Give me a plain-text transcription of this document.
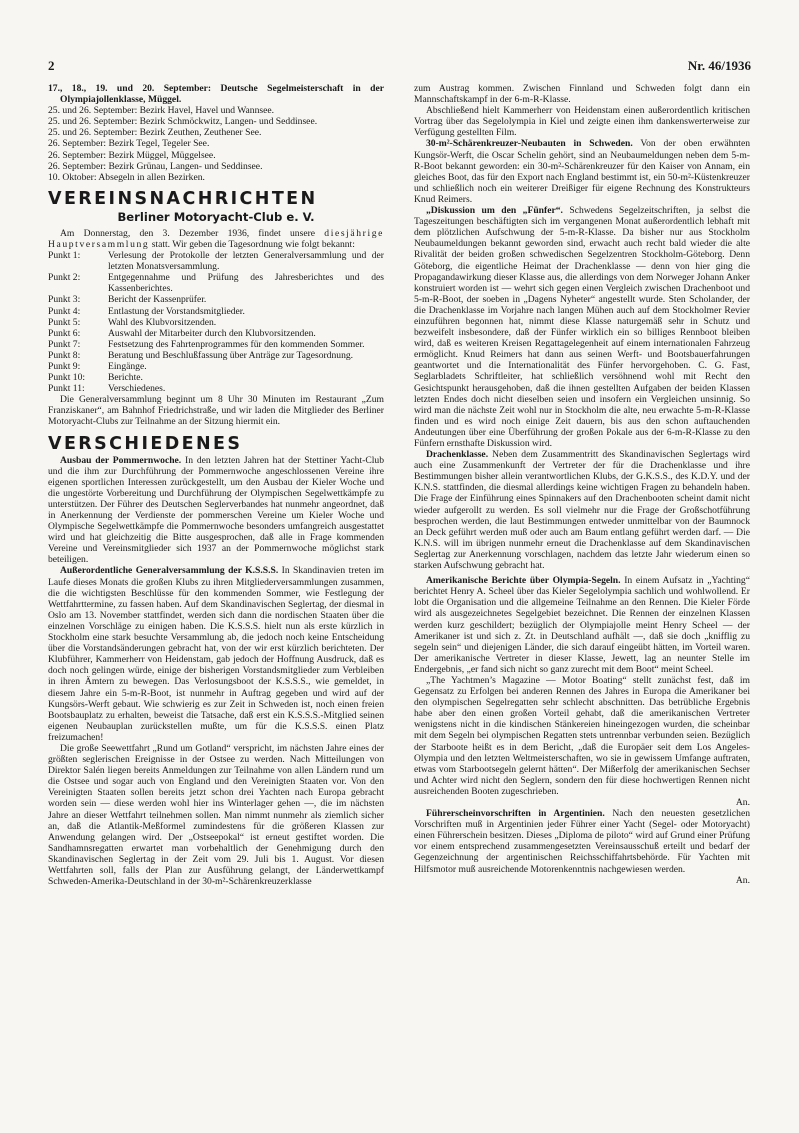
2	Nr. 46/1936
17., 18., 19. und 20. September: Deutsche Segelmeisterschaft in der Olympiajollenklasse, Müggel.
25. und 26. September: Bezirk Havel, Havel und Wannsee.
25. und 26. September: Bezirk Schmöckwitz, Langen- und Seddinsee.
25. und 26. September: Bezirk Zeuthen, Zeuthener See.
26. September: Bezirk Tegel, Tegeler See.
26. September: Bezirk Müggel, Müggelsee.
26. September: Bezirk Grünau, Langen- und Seddinsee.
10. Oktober: Absegeln in allen Bezirken.
VEREINSNACHRICHTEN
Berliner Motoryacht-Club e. V.

Am Donnerstag, den 3. Dezember 1936, findet unsere diesjährige Hauptversammlung statt. Wir geben die Tagesordnung wie folgt bekannt:

Punkt 1:	Verlesung der Protokolle der letzten Generalversammlung und der letzten Monatsversammlung.
Punkt 2:	Entgegennahme und Prüfung des Jahresberichtes und des Kassenberichtes.
Punkt 3:	Bericht der Kassenprüfer.
Punkt 4:	Entlastung der Vorstandsmitglieder.
Punkt 5:	Wahl des Klubvorsitzenden.
Punkt 6:	Auswahl der Mitarbeiter durch den Klubvorsitzenden.
Punkt 7:	Festsetzung des Fahrtenprogrammes für den kommenden Sommer.
Punkt 8:	Beratung und Beschlußfassung über Anträge zur Tagesordnung.
Punkt 9:	Eingänge.
Punkt 10:	Berichte.
Punkt 11:	Verschiedenes.

Die Generalversammlung beginnt um 8 Uhr 30 Minuten im Restaurant „Zum Franziskaner“, am Bahnhof Friedrichstraße, und wir laden die Mitglieder des Berliner Motoryacht-Clubs zur Teilnahme an der Sitzung hiermit ein.

VERSCHIEDENES

Ausbau der Pommernwoche. In den letzten Jahren hat der Stettiner Yacht-Club und die ihm zur Durchführung der Pommernwoche angeschlossenen Vereine ihre eigenen sportlichen Interessen zurückgestellt, um den Ausbau der Kieler Woche und die ungestörte Vorbereitung und Durchführung der Olympischen Segelwettkämpfe zu unterstützen. Der Führer des Deutschen Seglerverbandes hat nunmehr angeordnet, daß in Anerkennung der Verdienste der pommerschen Vereine um Kieler Woche und Olympische Segelwettkämpfe die Pommernwoche besonders umfangreich ausgestattet wird und hat gleichzeitig die Bitte ausgesprochen, daß alle in Frage kommenden Vereine und Vereinsmitglieder sich 1937 an der Pommernwoche möglichst stark beteiligen.

Außerordentliche Generalversammlung der K.S.S.S. In Skandinavien treten im Laufe dieses Monats die großen Klubs zu ihren Mitgliederversammlungen zusammen, die die wichtigsten Beschlüsse für den kommenden Sommer, wie Festlegung der Wettfahrttermine, zu fassen haben. Auf dem Skandinavischen Seglertag, der diesmal in Oslo am 13. November stattfindet, werden sich dann die nordischen Staaten über die einzelnen Vorschläge zu einigen haben. Die K.S.S.S. hielt nun als erste kürzlich in Stockholm eine stark besuchte Versammlung ab, die jedoch noch keine Entscheidung über die Vorstandsänderungen gebracht hat, von der wir erst kürzlich berichteten. Der Klubführer, Kammerherr von Heidenstam, gab jedoch der Hoffnung Ausdruck, daß es doch noch gelingen würde, einige der bisherigen Vorstandsmitglieder zum Verbleiben in ihren Ämtern zu bewegen. Das Verlosungsboot der K.S.S.S., wie gemeldet, in diesem Jahre ein 5-m-R-Boot, ist nunmehr in Auftrag gegeben und wird auf der Kungsörs-Werft gebaut. Wie schwierig es zur Zeit in Schweden ist, noch einen freien Bootsbauplatz zu erhalten, beweist die Tatsache, daß erst ein K.S.S.S.-Mitglied seinen eigenen Neubauplan zurückstellen mußte, um für die K.S.S.S. einen Platz freizumachen!

Die große Seewettfahrt „Rund um Gotland“ verspricht, im nächsten Jahre eines der größten seglerischen Ereignisse in der Ostsee zu werden. Nach Mitteilungen von Direktor Salén liegen bereits Anmeldungen zur Teilnahme von allen Ländern rund um die Ostsee und sogar auch von England und den Vereinigten Staaten vor. Von den Vereinigten Staaten sollen bereits jetzt schon drei Yachten nach Europa gebracht worden sein — diese werden wohl hier ins Winterlager gehen —, die im nächsten Jahre an dieser Wettfahrt teilnehmen sollen. Man nimmt nunmehr als ziemlich sicher an, daß die Atlantik-Meßformel zumindestens für die größeren Klassen zur Anwendung gelangen wird. Der „Ostseepokal“ ist erneut gestiftet worden. Die Sandhamnsregatten erwartet man vorbehaltlich der Genehmigung durch den Skandinavischen Seglertag in der Zeit vom 29. Juli bis 1. August. Vor diesen Wettfahrten soll, falls der Plan zur Ausführung gelangt, der Länderwettkampf Schweden-Amerika-Deutschland in der 30-m²-Schärenkreuzerklasse

zum Austrag kommen. Zwischen Finnland und Schweden folgt dann ein Mannschaftskampf in der 6-m-R-Klasse.

Abschließend hielt Kammerherr von Heidenstam einen außerordentlich kritischen Vortrag über das Segelolympia in Kiel und zeigte einen ihm dankenswerterweise zur Verfügung gestellten Film.

30-m²-Schärenkreuzer-Neubauten in Schweden. Von der oben erwähnten Kungsör-Werft, die Oscar Schelin gehört, sind an Neubaumeldungen neben dem 5-m-R-Boot bekannt geworden: ein 30-m²-Schärenkreuzer für den Kaiser von Annam, ein gleiches Boot, das für den Export nach England bestimmt ist, ein 50-m²-Küstenkreuzer und schließlich noch ein weiterer Dreißiger für eigene Rechnung des Konstrukteurs Knud Reimers.

„Diskussion um den „Fünfer“. Schwedens Segelzeitschriften, ja selbst die Tageszeitungen beschäftigten sich im vergangenen Monat außerordentlich lebhaft mit dem plötzlichen Aufschwung der 5-m-R-Klasse. Da bisher nur aus Stockholm Neubaumeldungen bekannt geworden sind, erwacht auch recht bald wieder die alte Rivalität der beiden großen schwedischen Segelzentren Stockholm-Göteborg. Denn Göteborg, die eigentliche Heimat der Drachenklasse — denn von hier ging die Propagandawirkung dieser Klasse aus, die allerdings von dem Norweger Johann Anker konstruiert worden ist — wehrt sich gegen einen Vergleich zwischen Drachenboot und 5-m-R-Boot, der soeben in „Dagens Nyheter“ angestellt wurde. Sten Scholander, der die Drachenklasse im Vorjahre nach langen Mühen auch auf dem Stockholmer Revier einzuführen begonnen hat, nimmt diese Klasse naturgemäß sehr in Schutz und bezweifelt insbesondere, daß der Fünfer wirklich ein so billiges Rennboot bleiben wird, daß es weiteren Kreisen Regattagelegenheit auf einem internationalen Fahrzeug ermöglicht. Knud Reimers hat dann aus seinen Werft- und Bootsbauerfahrungen geantwortet und die Internationalität des Fünfer hervorgehoben. C. G. Fast, Seglarbladets Schriftleiter, hat schließlich versöhnend wohl mit Recht den Gesichtspunkt herausgehoben, daß die ihnen gestellten Aufgaben der beiden Klassen letzten Endes doch nicht dieselben seien und insofern ein Vergleichen unsinnig. So wird man die nächste Zeit wohl nur in Stockholm die alte, neu erwachte 5-m-R-Klasse finden und es wird noch einige Zeit dauern, bis aus den schon auftauchenden Andeutungen über eine Überführung der großen Pokale aus der 6-m-R-Klasse zu den Fünfern ernsthafte Diskussion wird.

Drachenklasse. Neben dem Zusammentritt des Skandinavischen Seglertags wird auch eine Zusammenkunft der Vertreter der für die Drachenklasse und ihre Bestimmungen bisher allein verantwortlichen Klubs, der G.K.S.S., des K.D.Y. und der K.N.S. stattfinden, die diesmal allerdings keine wichtigen Fragen zu behandeln haben. Die Frage der Einführung eines Spinnakers auf den Drachenbooten scheint damit nicht wieder aufgerollt zu werden. Es soll vielmehr nur die Frage der Großschotführung besprochen werden, die laut Bestimmungen entweder unmittelbar von der Baumnock an Deck geführt werden muß oder auch am Baum entlang geführt werden darf. — Die K.N.S. will im übrigen nunmehr erneut die Drachenklasse auf dem Skandinavischen Seglertag zur Anerkennung vorschlagen, nachdem das letzte Jahr wiederum einen so starken Aufschwung gebracht hat.

Amerikanische Berichte über Olympia-Segeln. In einem Aufsatz in „Yachting“ berichtet Henry A. Scheel über das Kieler Segelolympia sachlich und wohlwollend. Er lobt die Organisation und die allgemeine Teilnahme an den Rennen. Die Kieler Förde wird als ausgezeichnetes Segelgebiet bezeichnet. Die Rennen der einzelnen Klassen werden kurz geschildert; bezüglich der Olympiajolle meint Henry Scheel — der Amerikaner ist und sich z. Zt. in Deutschland aufhält —, daß sie doch „knifflig zu segeln sein“ und diejenigen Länder, die sich darauf eingeübt hätten, im Vorteil waren. Der amerikanische Vertreter in dieser Klasse, Jewett, lag an neunter Stelle im Endergebnis, „er fand sich nicht so ganz zurecht mit dem Boot“ meint Scheel.

„The Yachtmen’s Magazine — Motor Boating“ stellt zunächst fest, daß im Gegensatz zu Erfolgen bei anderen Rennen des Jahres in Europa die Amerikaner bei den olympischen Segelregatten sehr schlecht abschnitten. Das betrübliche Ergebnis habe aber den einen großen Vorteil gehabt, daß die amerikanischen Vertreter wenigstens nicht in die kindischen Stänkereien hineingezogen wurden, die scheinbar mit dem Segeln bei olympischen Regatten stets untrennbar verbunden seien. Bezüglich der Starboote heißt es in dem Bericht, „daß die Europäer seit dem Los Angeles-Olympia und den letzten Weltmeisterschaften, wo sie in gewissem Umfange auftraten, etwas vom Starbootsegeln gelernt hätten“. Der Mißerfolg der amerikanischen Sechser und Achter wird nicht den Seglern, sondern den für diese hochwertigen Rennen nicht ausreichenden Booten zugeschrieben.

An.

Führerscheinvorschriften in Argentinien. Nach den neuesten gesetzlichen Vorschriften muß in Argentinien jeder Führer einer Yacht (Segel- oder Motoryacht) einen Führerschein besitzen. Dieses „Diploma de piloto“ wird auf Grund einer Prüfung vor einem entsprechend zusammengesetzten Vereinsausschuß erteilt und bedarf der Gegenzeichnung der argentinischen Reichsschiffahrtsbehörde. Für Yachten mit Hilfsmotor muß ausreichende Motorenkenntnis nachgewiesen werden.

An.
